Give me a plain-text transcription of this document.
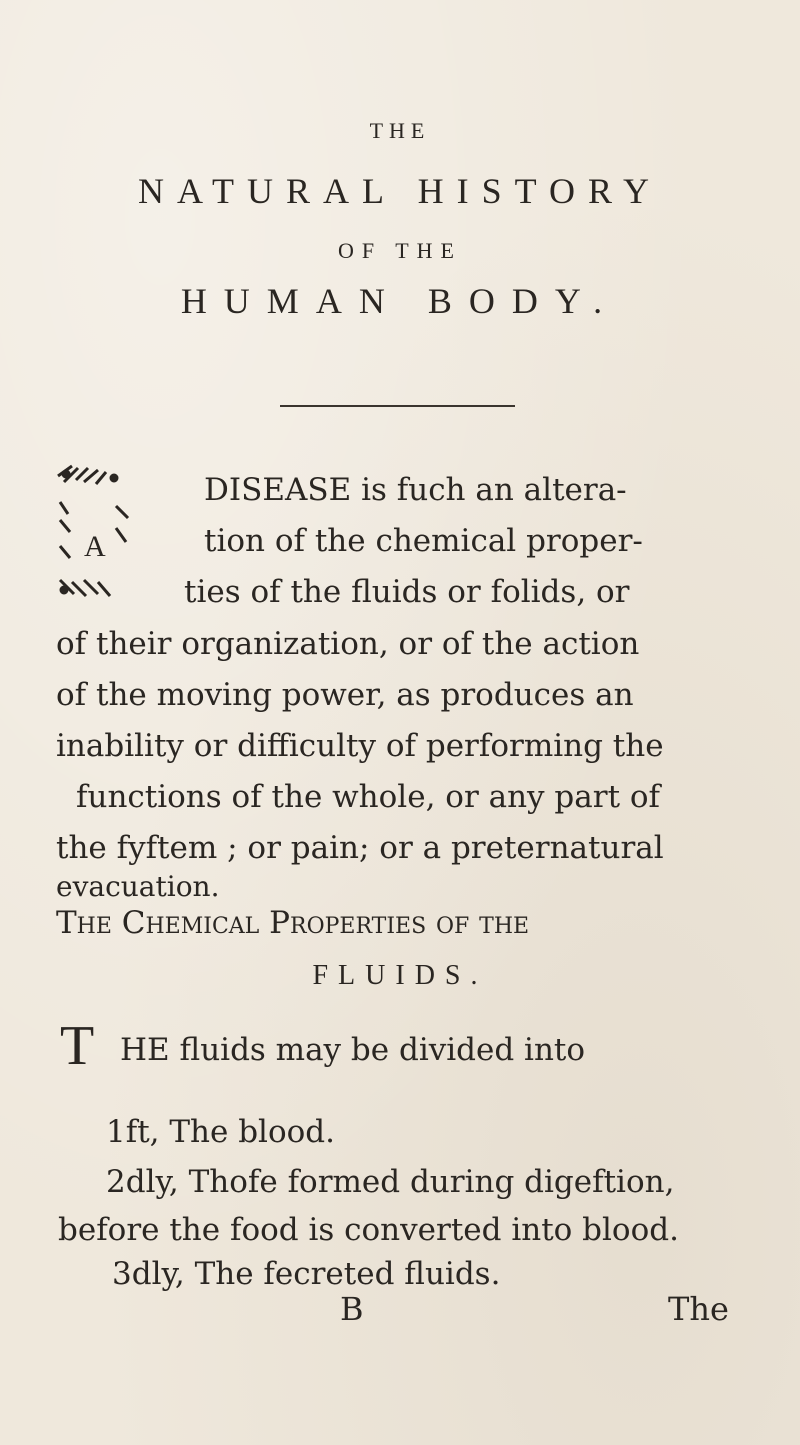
THE
NATURAL HISTORY
OF THE
HUMAN BODY.
A
DISEASE is fuch an altera-
tion of the chemical proper-
ties of the fluids or folids, or
of their organization, or of the action
of the moving power, as produces an
inability or difficulty of performing the
functions of the whole, or any part of
the fyftem ; or pain; or a preternatural
evacuation.
The Chemical Properties of the
FLUIDS.
T HE fluids may be divided into
1ft, The blood.
2dly, Thofe formed during digeftion,
before the food is converted into blood.
3dly, The fecreted fluids.
B	The
